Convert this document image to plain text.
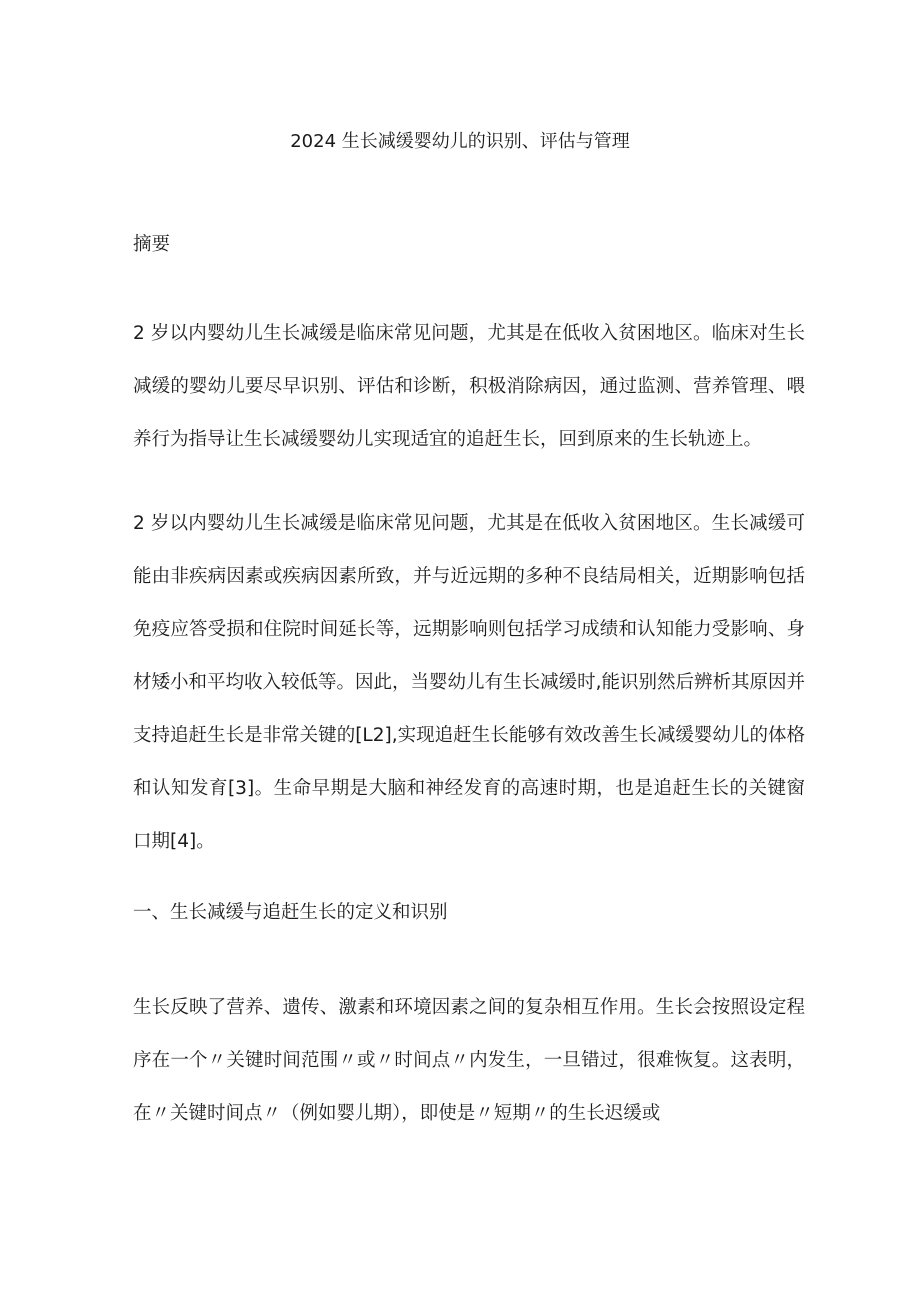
2024 生长减缓婴幼儿的识别、评估与管理

摘要

2 岁以内婴幼儿生长减缓是临床常见问题，尤其是在低收入贫困地区。临床对生长减缓的婴幼儿要尽早识别、评估和诊断，积极消除病因，通过监测、营养管理、喂养行为指导让生长减缓婴幼儿实现适宜的追赶生长，回到原来的生长轨迹上。

2 岁以内婴幼儿生长减缓是临床常见问题，尤其是在低收入贫困地区。生长减缓可能由非疾病因素或疾病因素所致，并与近远期的多种不良结局相关，近期影响包括免疫应答受损和住院时间延长等，远期影响则包括学习成绩和认知能力受影响、身材矮小和平均收入较低等。因此，当婴幼儿有生长减缓时,能识别然后辨析其原因并支持追赶生长是非常关键的[L2],实现追赶生长能够有效改善生长减缓婴幼儿的体格和认知发育[3]。生命早期是大脑和神经发育的高速时期，也是追赶生长的关键窗口期[4]。

一、生长减缓与追赶生长的定义和识别

生长反映了营养、遗传、激素和环境因素之间的复杂相互作用。生长会按照设定程序在一个〃关键时间范围〃或〃时间点〃内发生，一旦错过，很难恢复。这表明，在〃关键时间点〃（例如婴儿期），即使是〃短期〃的生长迟缓或
